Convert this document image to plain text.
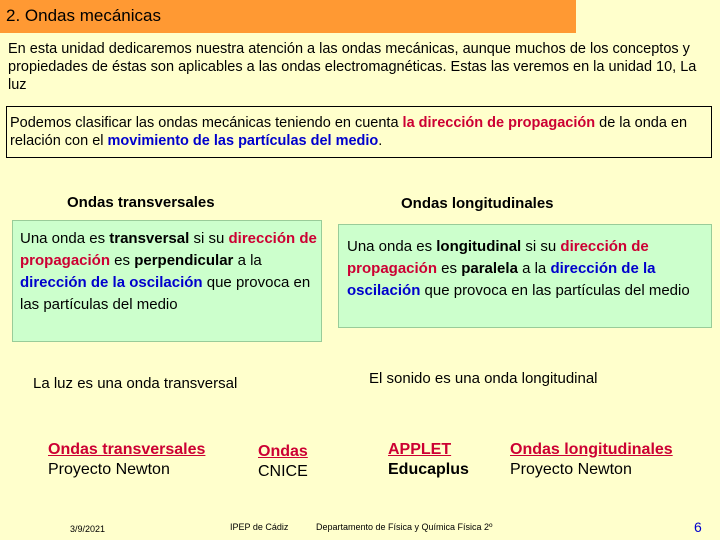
2. Ondas mecánicas
En esta unidad dedicaremos nuestra atención a las ondas mecánicas, aunque muchos de los conceptos y propiedades de éstas son aplicables a las ondas electromagnéticas. Estas las veremos en la unidad 10, La luz
Podemos clasificar las ondas mecánicas teniendo en cuenta la dirección de propagación de la onda en relación con el movimiento de las partículas del medio.
Ondas transversales
Una onda es transversal si su dirección de propagación es perpendicular a la dirección de la oscilación que provoca en las partículas del medio
La luz es una onda transversal
Ondas longitudinales
Una onda es longitudinal si su dirección de propagación es paralela a la dirección de la oscilación que provoca en las partículas del medio
El sonido es una onda longitudinal
Ondas transversales
Proyecto Newton
Ondas
CNICE
APPLET
Educaplus
Ondas longitudinales
Proyecto Newton
3/9/2021	IPEP de Cádiz	Departamento de Física y Química Física 2º	6
